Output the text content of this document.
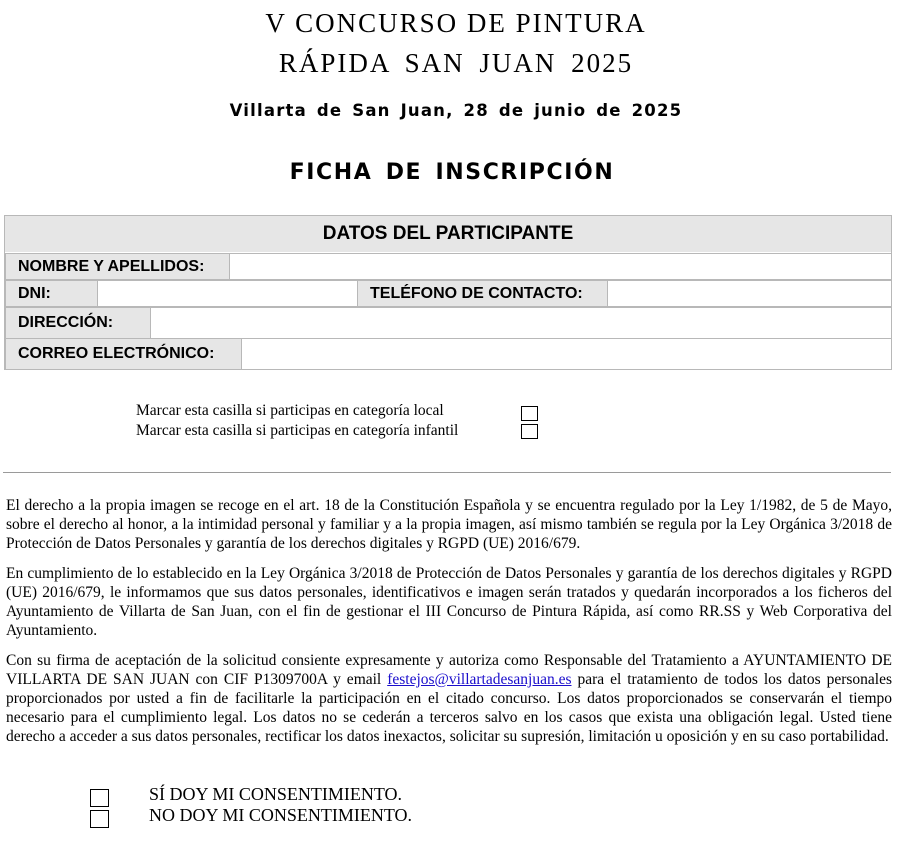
V CONCURSO DE PINTURA
RÁPIDA SAN JUAN 2025
Villarta de San Juan, 28 de junio de 2025
FICHA DE INSCRIPCIÓN
DATOS DEL PARTICIPANTE
NOMBRE Y APELLIDOS:
DNI:	TELÉFONO DE CONTACTO:
DIRECCIÓN:
CORREO ELECTRÓNICO:
Marcar esta casilla si participas en categoría local
Marcar esta casilla si participas en categoría infantil
El derecho a la propia imagen se recoge en el art. 18 de la Constitución Española y se encuentra regulado por la Ley 1/1982, de 5 de Mayo, sobre el derecho al honor, a la intimidad personal y familiar y a la propia imagen, así mismo también se regula por la Ley Orgánica 3/2018 de Protección de Datos Personales y garantía de los derechos digitales y RGPD (UE) 2016/679.
En cumplimiento de lo establecido en la Ley Orgánica 3/2018 de Protección de Datos Personales y garantía de los derechos digitales y RGPD (UE) 2016/679, le informamos que sus datos personales, identificativos e imagen serán tratados y quedarán incorporados a los ficheros del Ayuntamiento de Villarta de San Juan, con el fin de gestionar el III Concurso de Pintura Rápida, así como RR.SS y Web Corporativa del Ayuntamiento.
Con su firma de aceptación de la solicitud consiente expresamente y autoriza como Responsable del Tratamiento a AYUNTAMIENTO DE VILLARTA DE SAN JUAN con CIF P1309700A y email festejos@villartadesanjuan.es para el tratamiento de todos los datos personales proporcionados por usted a fin de facilitarle la participación en el citado concurso. Los datos proporcionados se conservarán el tiempo necesario para el cumplimiento legal. Los datos no se cederán a terceros salvo en los casos que exista una obligación legal. Usted tiene derecho a acceder a sus datos personales, rectificar los datos inexactos, solicitar su supresión, limitación u oposición y en su caso portabilidad.
SÍ DOY MI CONSENTIMIENTO.
NO DOY MI CONSENTIMIENTO.
